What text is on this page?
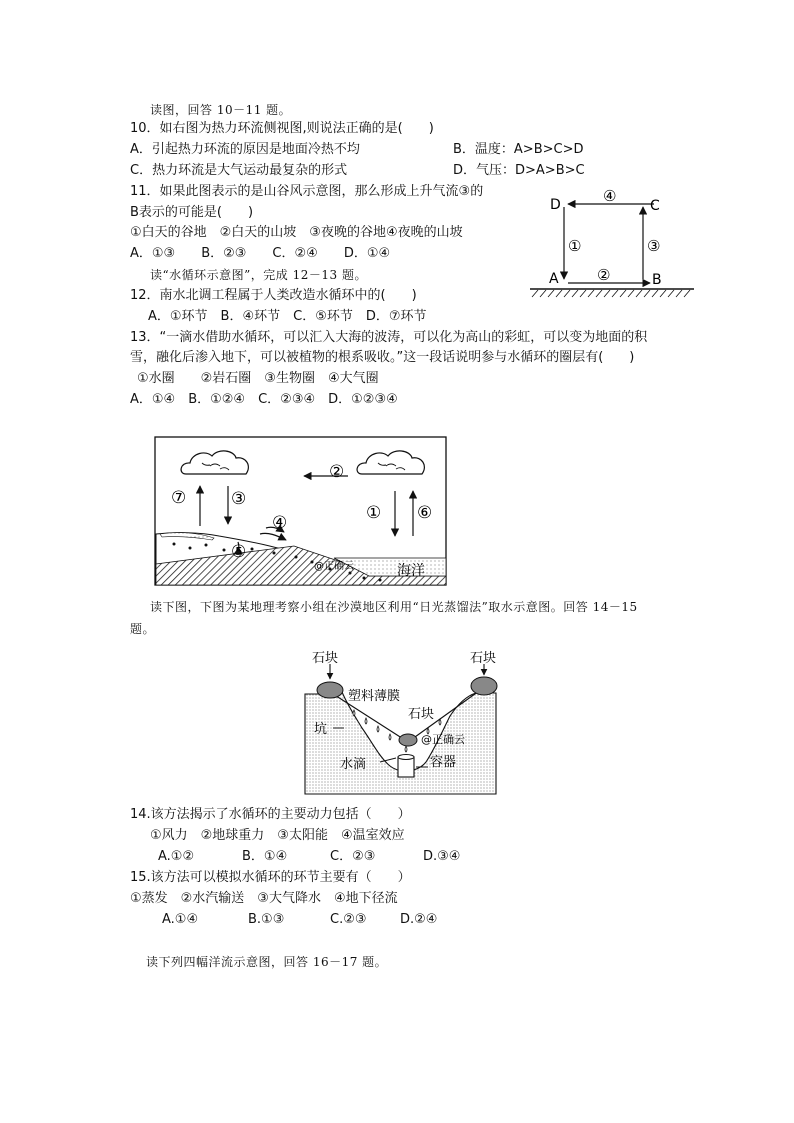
读图，回答 10－11 题。
10．如右图为热力环流侧视图,则说法正确的是(　　)
A．引起热力环流的原因是地面冷热不均	B．温度：A>B>C>D
C．热力环流是大气运动最复杂的形式	D．气压：D>A>B>C
11．如果此图表示的是山谷风示意图，那么形成上升气流③的
B表示的可能是(　　)
①白天的谷地　②白天的山坡　③夜晚的谷地④夜晚的山坡
A．①③　　B．②③　　C．②④　　D．①④
读“水循环示意图”，完成 12－13 题。
12．南水北调工程属于人类改造水循环中的(　　)
A．①环节　B．④环节　C．⑤环节　D．⑦环节
13．“一滴水借助水循环，可以汇入大海的波涛，可以化为高山的彩虹，可以变为地面的积
雪，融化后渗入地下，可以被植物的根系吸收。”这一段话说明参与水循环的圈层有(　　)
①水圈　　②岩石圈　③生物圈　④大气圈
A．①④　B．①②④　C．②③④　D．①②③④
D	C
A	B
④
①
②
③
②
⑦	③
① ⑥
④
⑤
@正确云	海洋
读下图，下图为某地理考察小组在沙漠地区利用“日光蒸馏法”取水示意图。回答 14－15
题。
石块	石块
塑料薄膜
石块
坑
@正确云
水滴	容器
14.该方法揭示了水循环的主要动力包括（　　）
①风力　②地球重力　③太阳能　④温室效应
A.①②	B．①④	C．②③	D.③④
15.该方法可以模拟水循环的环节主要有（　　）
①蒸发　②水汽输送　③大气降水　④地下径流
A.①④	B.①③	C.②③	D.②④
读下列四幅洋流示意图，回答 16－17 题。
